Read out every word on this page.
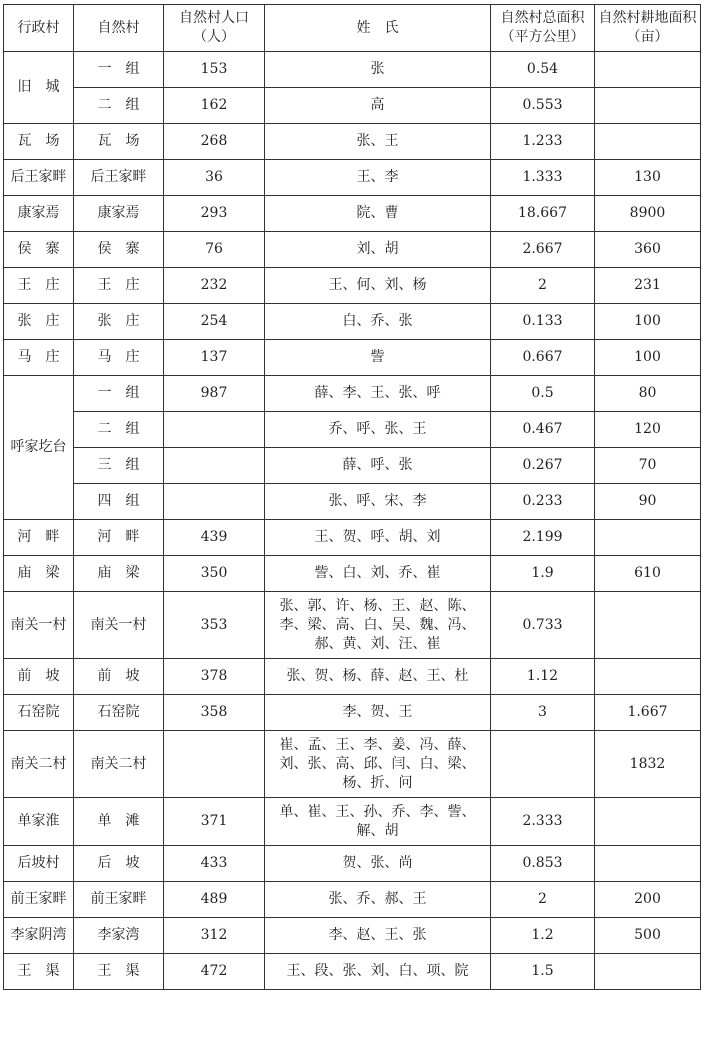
行政村	自然村	自然村人口（人）	姓　氏	自然村总面积（平方公里）	自然村耕地面积（亩）
旧　城	一　组	153	张	0.54	
	二　组	162	高	0.553	
瓦　场	瓦　场	268	张、王	1.233	
后王家畔	后王家畔	36	王、李	1.333	130
康家焉	康家焉	293	院、曹	18.667	8900
侯　寨	侯　寨	76	刘、胡	2.667	360
王　庄	王　庄	232	王、何、刘、杨	2	231
张　庄	张　庄	254	白、乔、张	0.133	100
马　庄	马　庄	137	訾	0.667	100
呼家圪台	一　组	987	薛、李、王、张、呼	0.5	80
	二　组		乔、呼、张、王	0.467	120
	三　组		薛、呼、张	0.267	70
	四　组		张、呼、宋、李	0.233	90
河　畔	河　畔	439	王、贺、呼、胡、刘	2.199	
庙　梁	庙　梁	350	訾、白、刘、乔、崔	1.9	610
南关一村	南关一村	353	张、郭、许、杨、王、赵、陈、李、梁、高、白、吴、魏、冯、郝、黄、刘、汪、崔	0.733	
前　坡	前　坡	378	张、贺、杨、薛、赵、王、杜	1.12	
石窑院	石窑院	358	李、贺、王	3	1.667
南关二村	南关二村		崔、孟、王、李、姜、冯、薛、刘、张、高、邱、闫、白、梁、杨、折、问		1832
单家淮	单　滩	371	单、崔、王、孙、乔、李、訾、解、胡	2.333	
后坡村	后　坡	433	贺、张、尚	0.853	
前王家畔	前王家畔	489	张、乔、郝、王	2	200
李家阴湾	李家湾	312	李、赵、王、张	1.2	500
王　渠	王　渠	472	王、段、张、刘、白、项、院	1.5	
